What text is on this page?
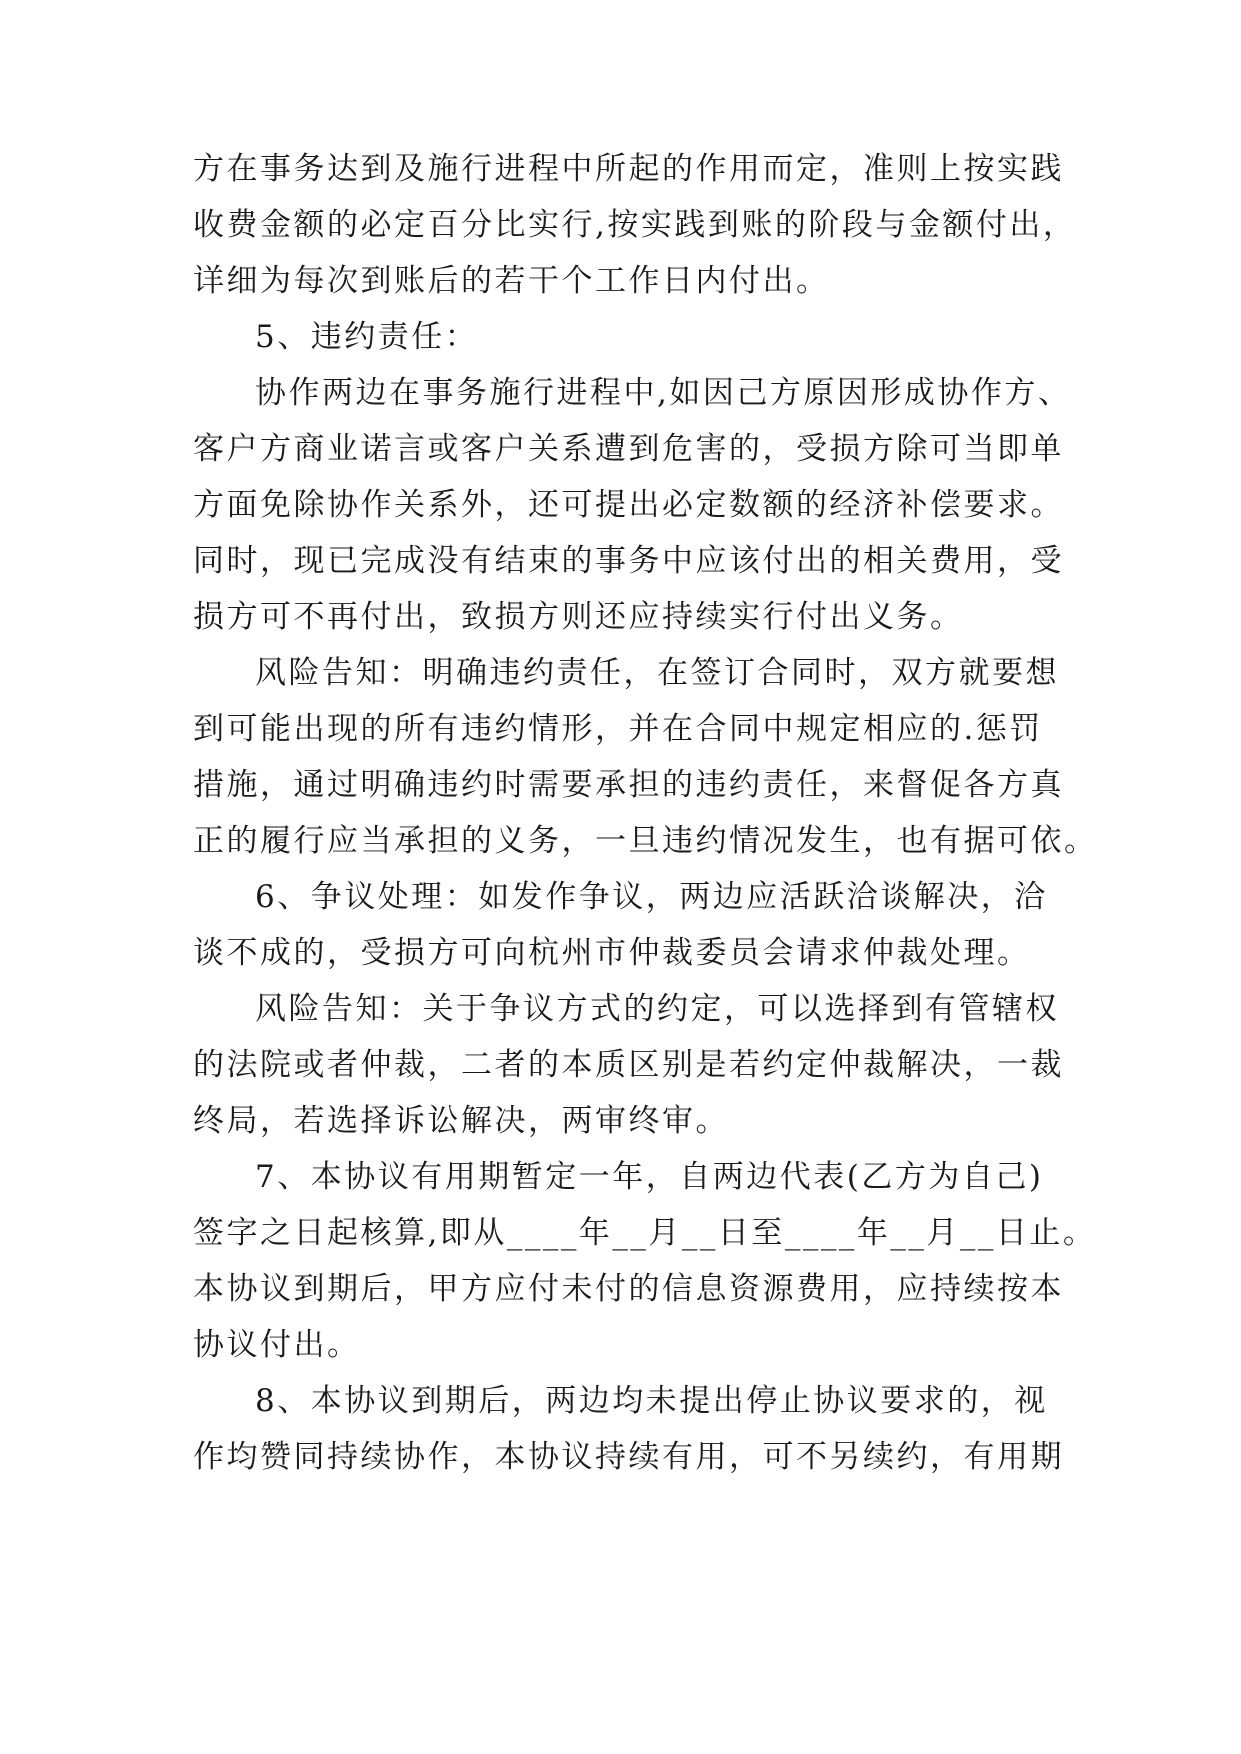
方在事务达到及施行进程中所起的作用而定，准则上按实践
收费金额的必定百分比实行,按实践到账的阶段与金额付出，
详细为每次到账后的若干个工作日内付出。
5、违约责任：
协作两边在事务施行进程中,如因己方原因形成协作方、
客户方商业诺言或客户关系遭到危害的，受损方除可当即单
方面免除协作关系外，还可提出必定数额的经济补偿要求。
同时，现已完成没有结束的事务中应该付出的相关费用，受
损方可不再付出，致损方则还应持续实行付出义务。
风险告知：明确违约责任，在签订合同时，双方就要想
到可能出现的所有违约情形，并在合同中规定相应的.惩罚
措施，通过明确违约时需要承担的违约责任，来督促各方真
正的履行应当承担的义务，一旦违约情况发生，也有据可依。
6、争议处理：如发作争议，两边应活跃洽谈解决，洽
谈不成的，受损方可向杭州市仲裁委员会请求仲裁处理。
风险告知：关于争议方式的约定，可以选择到有管辖权
的法院或者仲裁，二者的本质区别是若约定仲裁解决，一裁
终局，若选择诉讼解决，两审终审。
7、本协议有用期暂定一年，自两边代表(乙方为自己)
签字之日起核算,即从____年__月__日至____年__月__日止。
本协议到期后，甲方应付未付的信息资源费用，应持续按本
协议付出。
8、本协议到期后，两边均未提出停止协议要求的，视
作均赞同持续协作，本协议持续有用，可不另续约，有用期
